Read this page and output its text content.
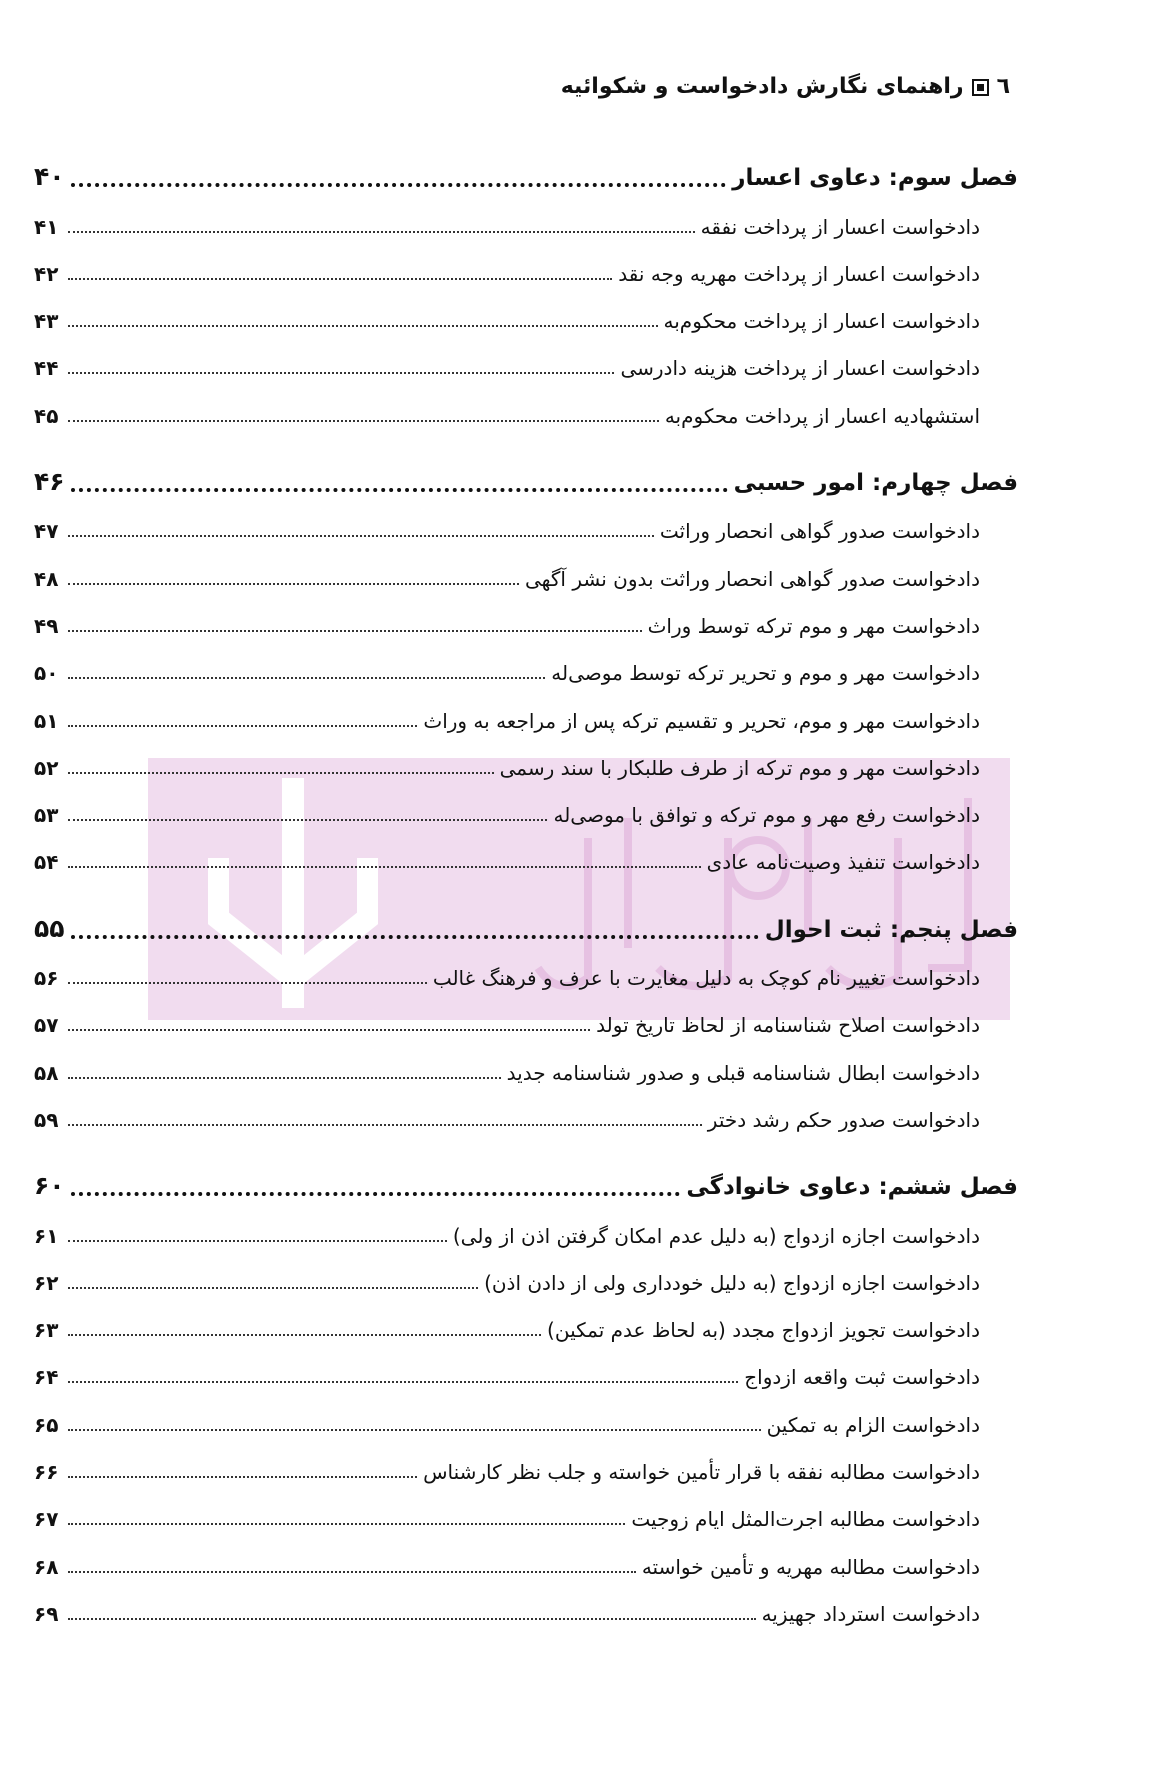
٦راهنمای نگارش دادخواست و شکوائیه
فصل سوم: دعاوی اعسار
۴۰
دادخواست اعسار از پرداخت نفقه
۴۱
دادخواست اعسار از پرداخت مهریه وجه نقد
۴۲
دادخواست اعسار از پرداخت محکوم‌به
۴۳
دادخواست اعسار از پرداخت هزینه دادرسی
۴۴
استشهادیه اعسار از پرداخت محکوم‌به
۴۵
فصل چهارم: امور حسبی
۴۶
دادخواست صدور گواهی انحصار وراثت
۴۷
دادخواست صدور گواهی انحصار وراثت بدون نشر آگهی
۴۸
دادخواست مهر و موم ترکه توسط وراث
۴۹
دادخواست مهر و موم و تحریر ترکه توسط موصی‌له
۵۰
دادخواست مهر و موم، تحریر و تقسیم ترکه پس از مراجعه به وراث
۵۱
دادخواست مهر و موم ترکه از طرف طلبکار با سند رسمی
۵۲
دادخواست رفع مهر و موم ترکه و توافق با موصی‌له
۵۳
دادخواست تنفیذ وصیت‌نامه عادی
۵۴
فصل پنجم: ثبت احوال
۵۵
دادخواست تغییر نام کوچک به دلیل مغایرت با عرف و فرهنگ غالب
۵۶
دادخواست اصلاح شناسنامه از لحاظ تاریخ تولد
۵۷
دادخواست ابطال شناسنامه قبلی و صدور شناسنامه جدید
۵۸
دادخواست صدور حکم رشد دختر
۵۹
فصل ششم: دعاوی خانوادگی
۶۰
دادخواست اجازه ازدواج (به دلیل عدم امکان گرفتن اذن از ولی)
۶۱
دادخواست اجازه ازدواج (به دلیل خودداری ولی از دادن اذن)
۶۲
دادخواست تجویز ازدواج مجدد (به لحاظ عدم تمکین)
۶۳
دادخواست ثبت واقعه ازدواج
۶۴
دادخواست الزام به تمکین
۶۵
دادخواست مطالبه نفقه با قرار تأمین خواسته و جلب نظر کارشناس
۶۶
دادخواست مطالبه اجرت‌المثل ایام زوجیت
۶۷
دادخواست مطالبه مهریه و تأمین خواسته
۶۸
دادخواست استرداد جهیزیه
۶۹
